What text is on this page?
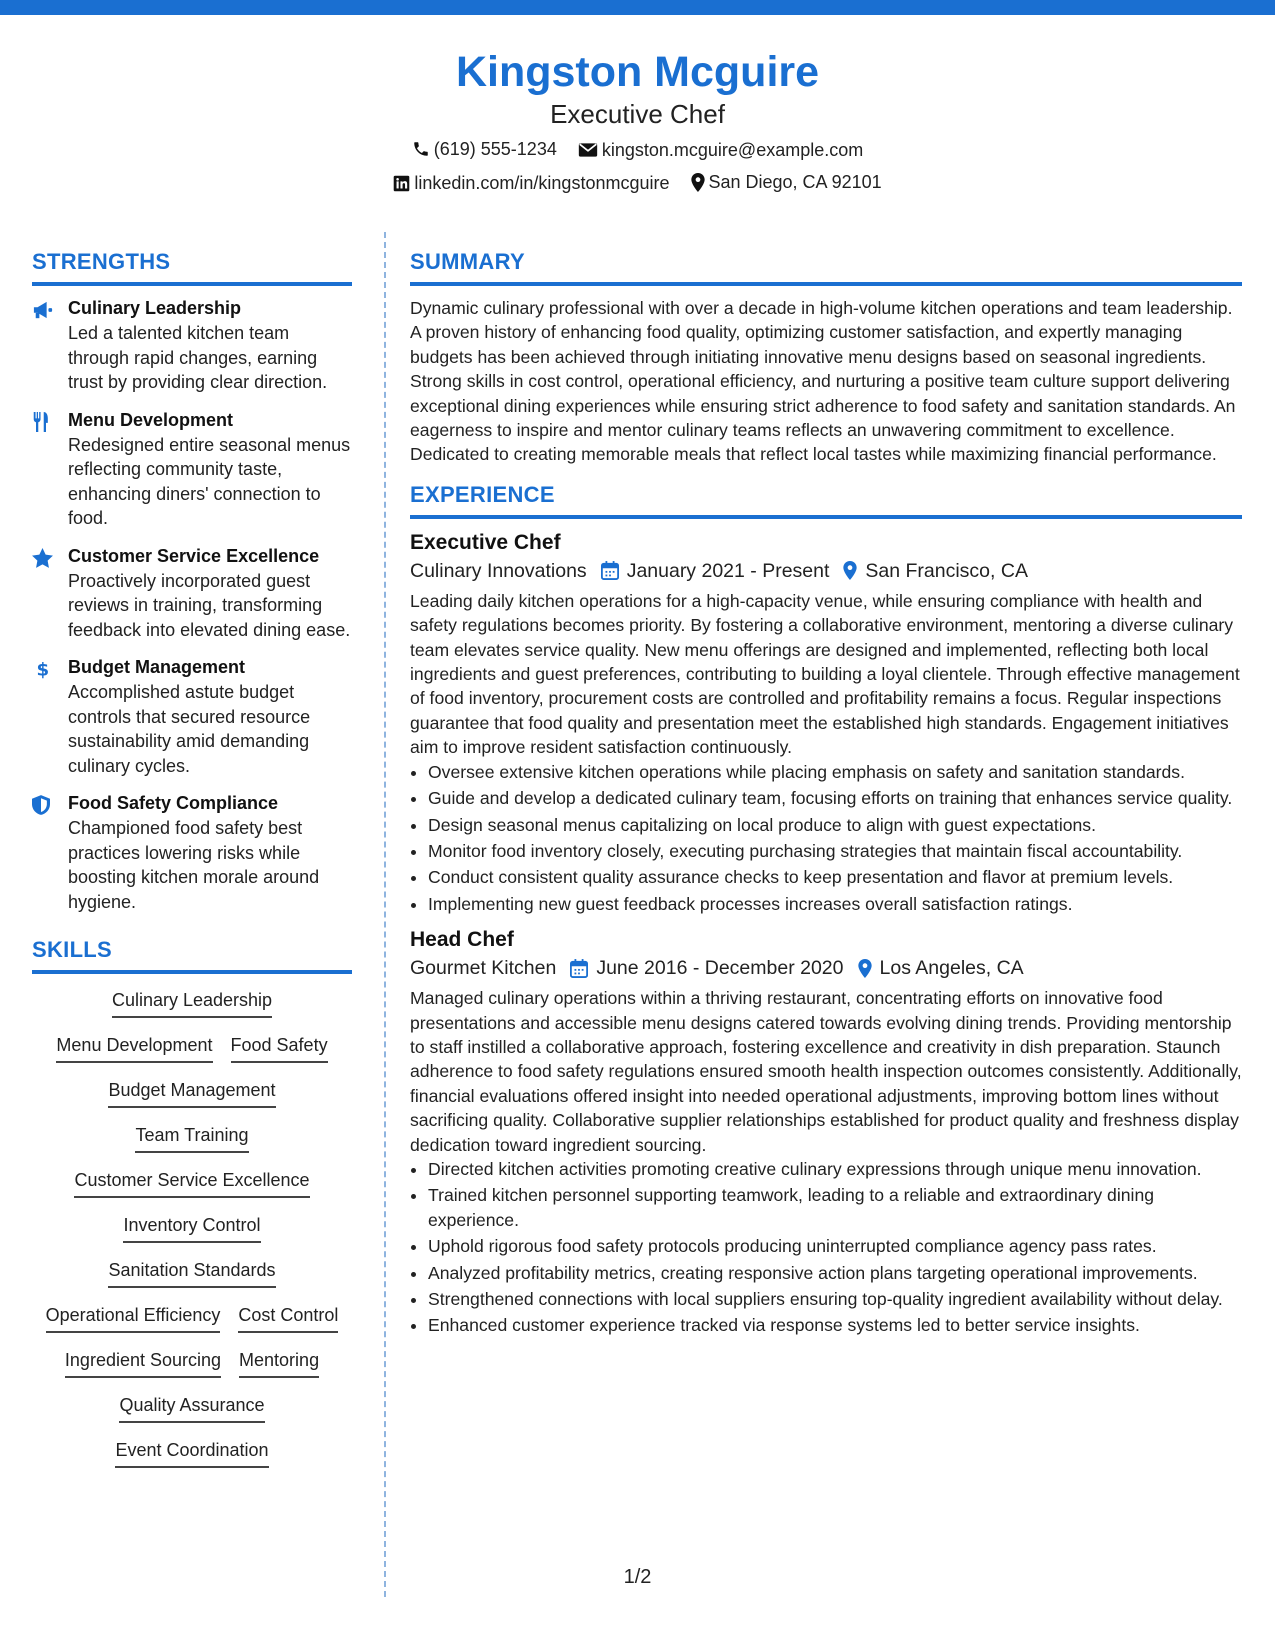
Kingston Mcguire
Executive Chef
(619) 555-1234
	kingston.mcguire@example.com
linkedin.com/in/kingstonmcguire
San Diego, CA 92101
STRENGTHS
Culinary Leadership
Led a talented kitchen team through rapid changes, earning trust by providing clear direction.
Menu Development
Redesigned entire seasonal menus reflecting community taste, enhancing diners' connection to food.
Customer Service Excellence
Proactively incorporated guest reviews in training, transforming feedback into elevated dining ease.
$ Budget Management
Accomplished astute budget controls that secured resource sustainability amid demanding culinary cycles.
Food Safety Compliance
Championed food safety best practices lowering risks while boosting kitchen morale around hygiene.
SKILLS
Culinary Leadership
Menu Development Food Safety
Budget Management
Team Training
Customer Service Excellence
Inventory Control
Sanitation Standards
Operational Efficiency Cost Control
Ingredient Sourcing Mentoring
Quality Assurance
Event Coordination
SUMMARY
Dynamic culinary professional with over a decade in high-volume kitchen operations and team leadership. A proven history of enhancing food quality, optimizing customer satisfaction, and expertly managing budgets has been achieved through initiating innovative menu designs based on seasonal ingredients. Strong skills in cost control, operational efficiency, and nurturing a positive team culture support delivering exceptional dining experiences while ensuring strict adherence to food safety and sanitation standards. An eagerness to inspire and mentor culinary teams reflects an unwavering commitment to excellence. Dedicated to creating memorable meals that reflect local tastes while maximizing financial performance.
EXPERIENCE
Executive Chef
Culinary Innovations January 2021 - Present San Francisco, CA
Leading daily kitchen operations for a high-capacity venue, while ensuring compliance with health and safety regulations becomes priority. By fostering a collaborative environment, mentoring a diverse culinary team elevates service quality. New menu offerings are designed and implemented, reflecting both local ingredients and guest preferences, contributing to building a loyal clientele. Through effective management of food inventory, procurement costs are controlled and profitability remains a focus. Regular inspections guarantee that food quality and presentation meet the established high standards. Engagement initiatives aim to improve resident satisfaction continuously.
• Oversee extensive kitchen operations while placing emphasis on safety and sanitation standards.
• Guide and develop a dedicated culinary team, focusing efforts on training that enhances service quality.
• Design seasonal menus capitalizing on local produce to align with guest expectations.
• Monitor food inventory closely, executing purchasing strategies that maintain fiscal accountability.
• Conduct consistent quality assurance checks to keep presentation and flavor at premium levels.
• Implementing new guest feedback processes increases overall satisfaction ratings.
Head Chef
Gourmet Kitchen June 2016 - December 2020 Los Angeles, CA
Managed culinary operations within a thriving restaurant, concentrating efforts on innovative food presentations and accessible menu designs catered towards evolving dining trends. Providing mentorship to staff instilled a collaborative approach, fostering excellence and creativity in dish preparation. Staunch adherence to food safety regulations ensured smooth health inspection outcomes consistently. Additionally, financial evaluations offered insight into needed operational adjustments, improving bottom lines without sacrificing quality. Collaborative supplier relationships established for product quality and freshness display dedication toward ingredient sourcing.
• Directed kitchen activities promoting creative culinary expressions through unique menu innovation.
• Trained kitchen personnel supporting teamwork, leading to a reliable and extraordinary dining experience.
• Uphold rigorous food safety protocols producing uninterrupted compliance agency pass rates.
• Analyzed profitability metrics, creating responsive action plans targeting operational improvements.
• Strengthened connections with local suppliers ensuring top-quality ingredient availability without delay.
• Enhanced customer experience tracked via response systems led to better service insights.
1/2
